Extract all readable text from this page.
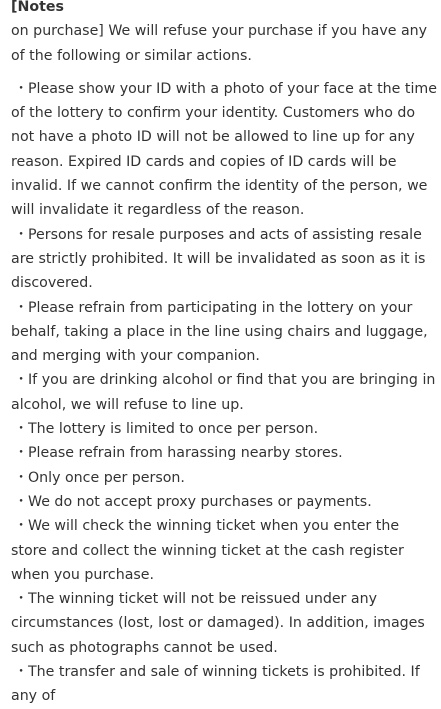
[Notes

on purchase] We will refuse your purchase if you have any of the following or similar actions.

・Please show your ID with a photo of your face at the time of the lottery to confirm your identity. Customers who do not have a photo ID will not be allowed to line up for any reason. Expired ID cards and copies of ID cards will be invalid. If we cannot confirm the identity of the person, we will invalidate it regardless of the reason.

・Persons for resale purposes and acts of assisting resale are strictly prohibited. It will be invalidated as soon as it is discovered.

・Please refrain from participating in the lottery on your behalf, taking a place in the line using chairs and luggage, and merging with your companion.

・If you are drinking alcohol or find that you are bringing in alcohol, we will refuse to line up.

・The lottery is limited to once per person.

・Please refrain from harassing nearby stores.

・Only once per person.

・We do not accept proxy purchases or payments.

・We will check the winning ticket when you enter the store and collect the winning ticket at the cash register when you purchase.

・The winning ticket will not be reissued under any circumstances (lost, lost or damaged). In addition, images such as photographs cannot be used.

・The transfer and sale of winning tickets is prohibited. If any of
